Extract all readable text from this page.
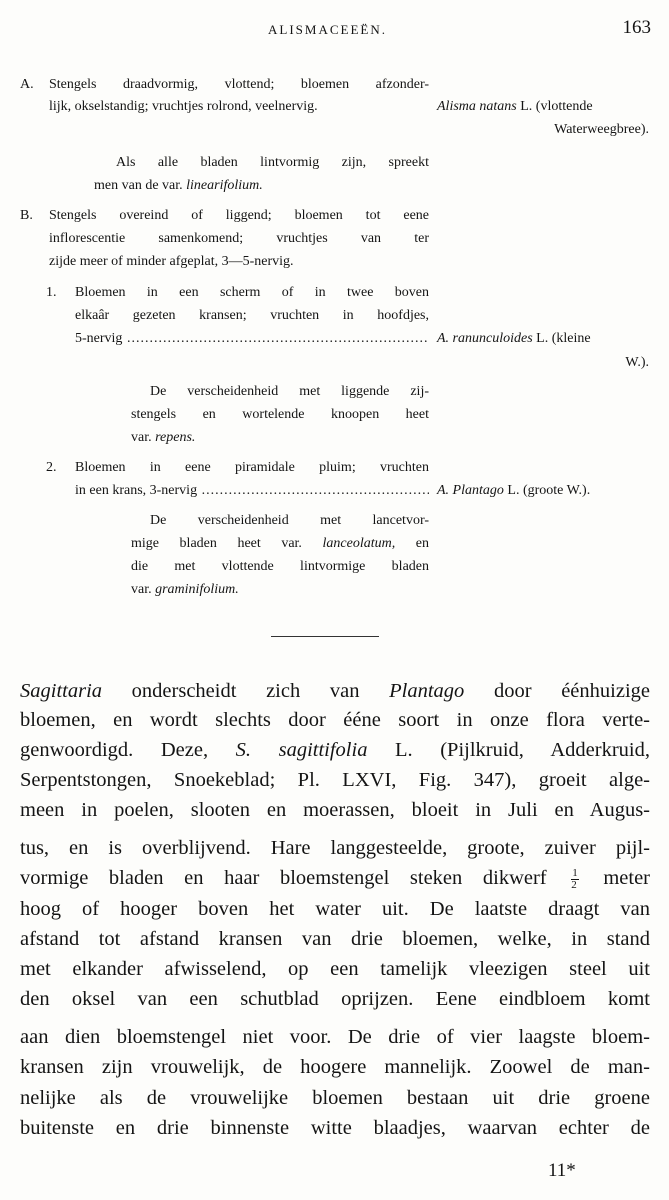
ALISMACEEËN.	163
A. Stengels draadvormig, vlottend; bloemen afzonder-
lijk, okselstandig; vruchtjes rolrond, veelnervig.	Alisma natans L. (vlottende
Waterweegbree).
Als alle bladen lintvormig zijn, spreekt
men van de var. linearifolium.
B. Stengels overeind of liggend; bloemen tot eene
inflorescentie samenkomend; vruchtjes van ter
zijde meer of minder afgeplat, 3—5-nervig.
1. Bloemen in een scherm of in twee boven
elkaâr gezeten kransen; vruchten in hoofdjes,
5-nervig .....	A. ranunculoides L. (kleine
W.).
De verscheidenheid met liggende zij-
stengels en wortelende knoopen heet
var. repens.
2. Bloemen in eene piramidale pluim; vruchten
in een krans, 3-nervig .....	A. Plantago L. (groote W.).
De verscheidenheid met lancetvor-
mige bladen heet var. lanceolatum, en
die met vlottende lintvormige bladen
var. graminifolium.
Sagittaria onderscheidt zich van Plantago door éénhuizige
bloemen, en wordt slechts door ééne soort in onze flora verte-
genwoordigd. Deze, S. sagittifolia L. (Pijlkruid, Adderkruid,
Serpentstongen, Snoekeblad; Pl. LXVI, Fig. 347), groeit alge-
meen in poelen, slooten en moerassen, bloeit in Juli en Augus-
tus, en is overblijvend. Hare langgesteelde, groote, zuiver pijl-
vormige bladen en haar bloemstengel steken dikwerf $\frac{1}{2}$ meter
hoog of hooger boven het water uit. De laatste draagt van
afstand tot afstand kransen van drie bloemen, welke, in stand
met elkander afwisselend, op een tamelijk vleezigen steel uit
den oksel van een schutblad oprijzen. Eene eindbloem komt
aan dien bloemstengel niet voor. De drie of vier laagste bloem-
kransen zijn vrouwelijk, de hoogere mannelijk. Zoowel de man-
nelijke als de vrouwelijke bloemen bestaan uit drie groene
buitenste en drie binnenste witte blaadjes, waarvan echter de
11*
